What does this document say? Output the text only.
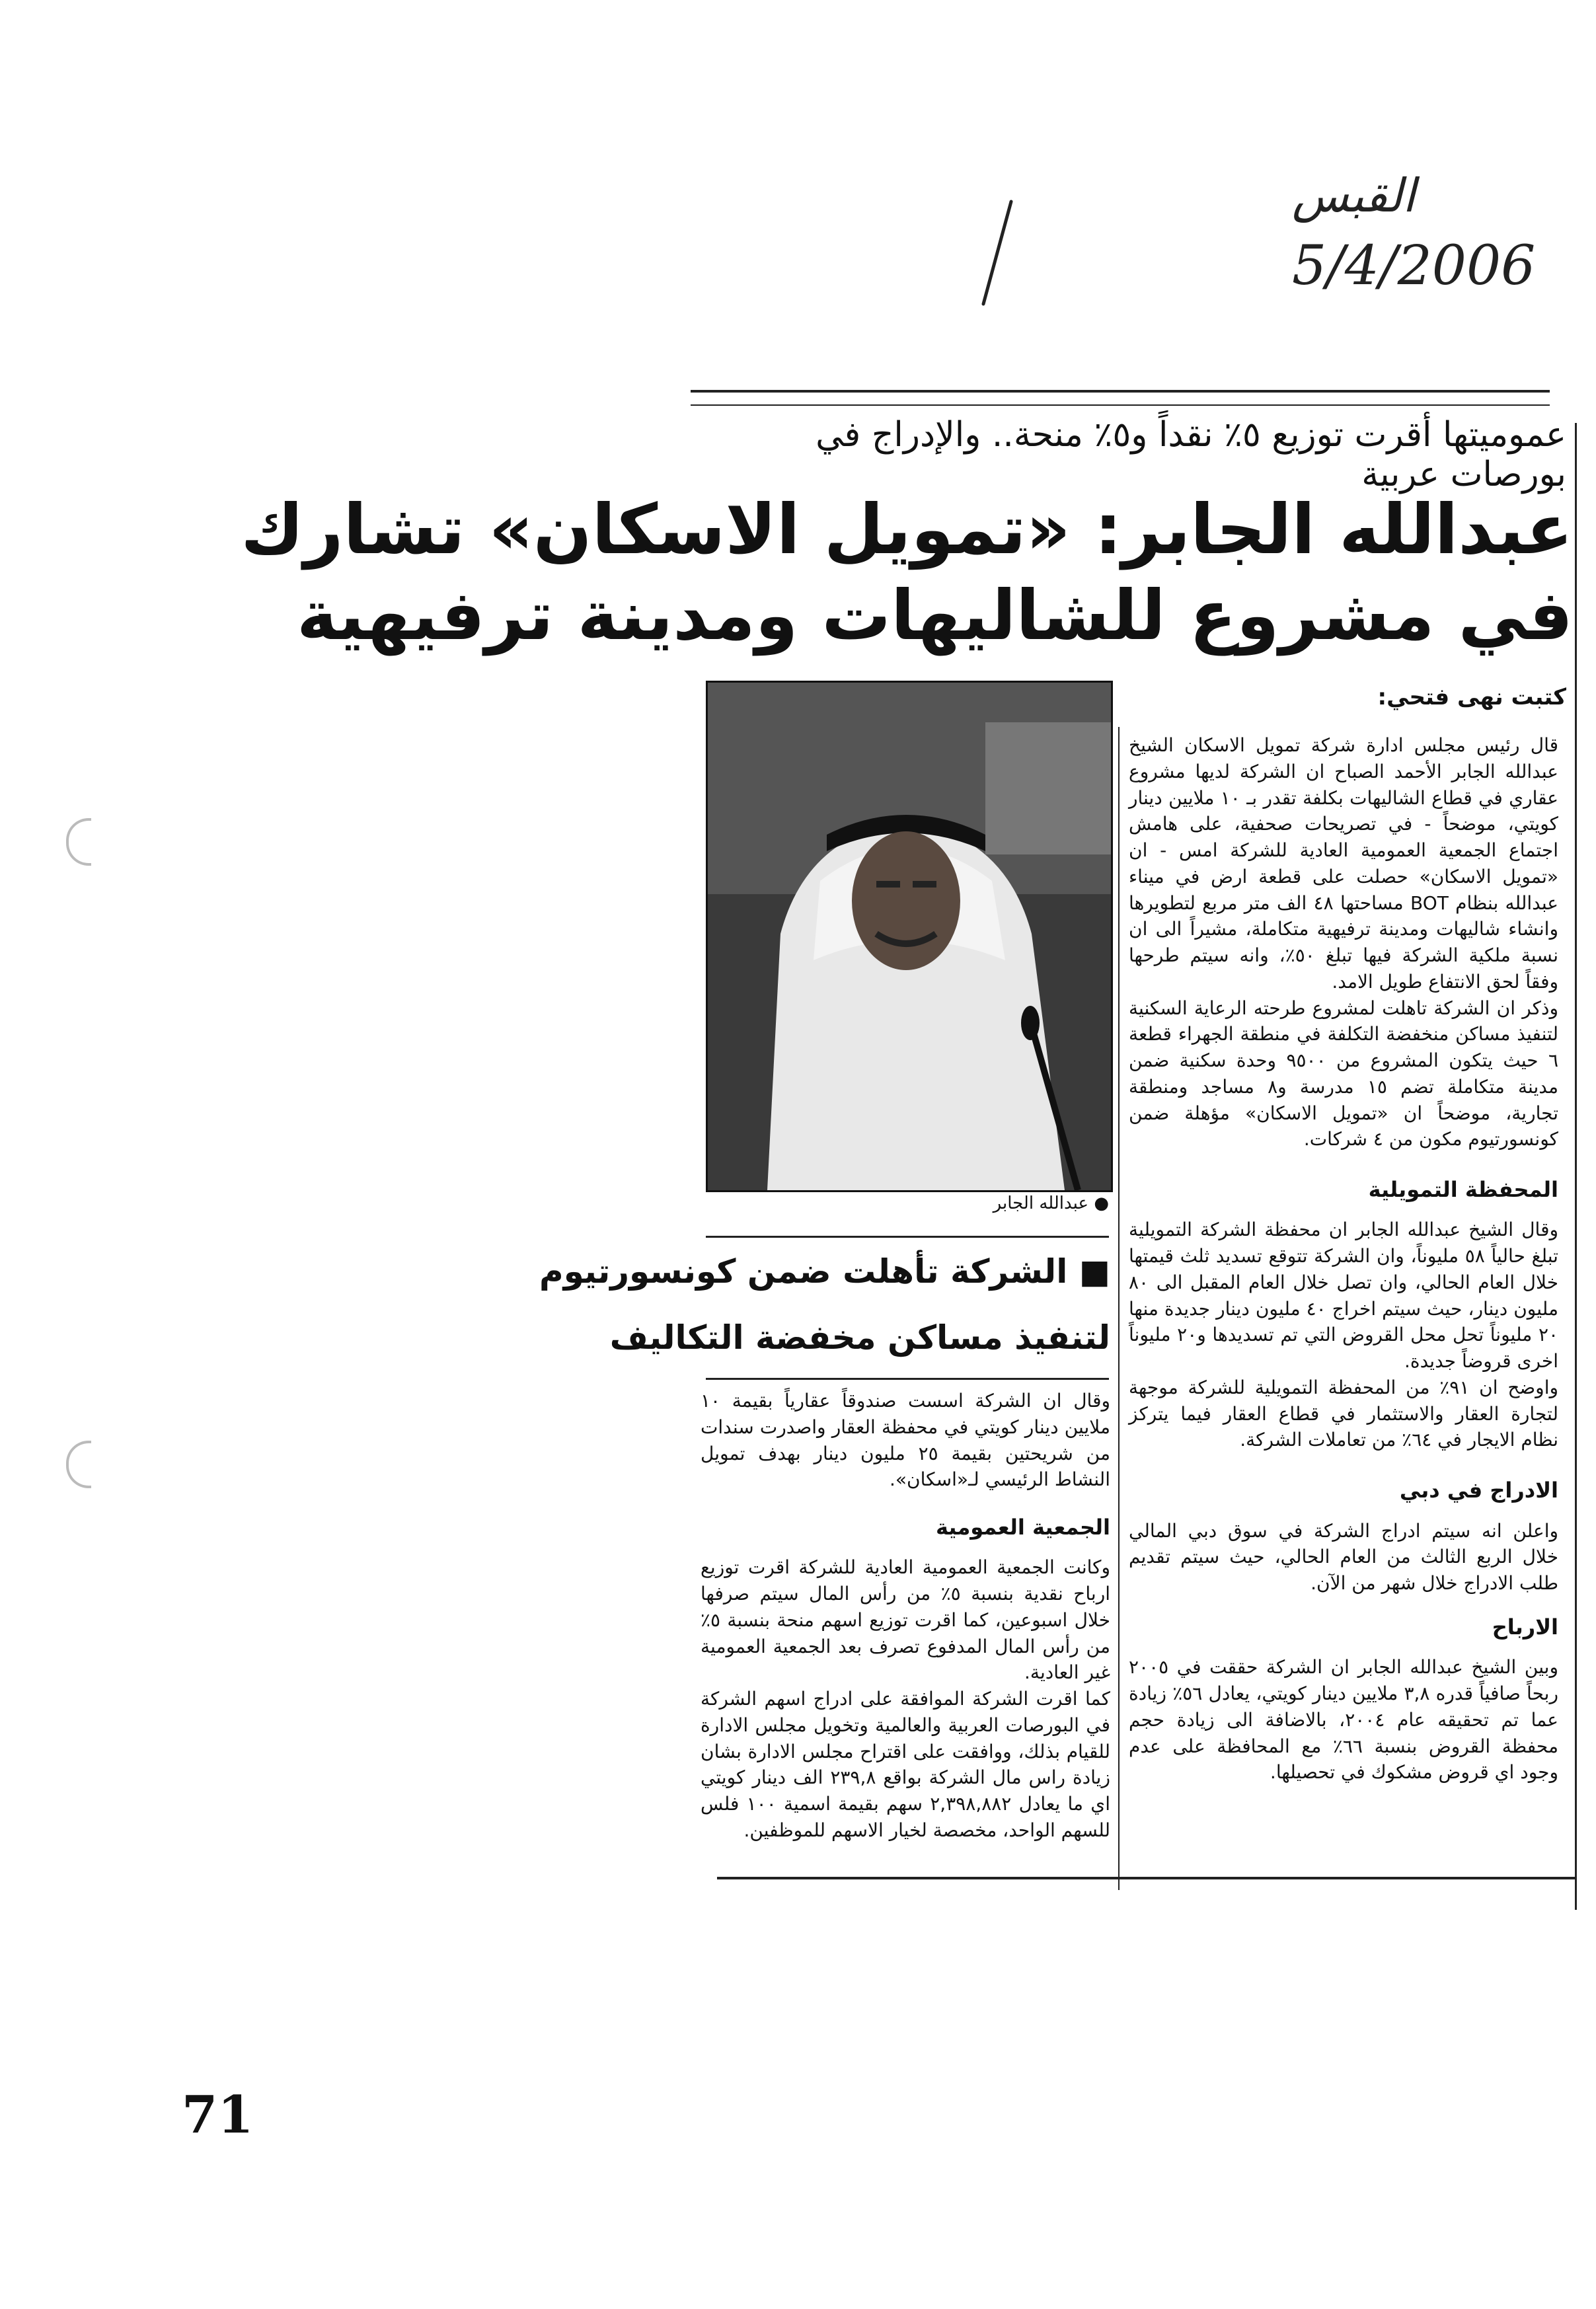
القبس
5/4/2006
عموميتها أقرت توزيع ٥٪ نقداً و٥٪ منحة.. والإدراج في بورصات عربية
عبدالله الجابر: «تمويل الاسكان» تشارك
في مشروع للشاليهات ومدينة ترفيهية
كتبت نهى فتحي:
● عبدالله الجابر
قال رئيس مجلس ادارة شركة تمويل الاسكان الشيخ عبدالله الجابر الأحمد الصباح ان الشركة لديها مشروع عقاري في قطاع الشاليهات بكلفة تقدر بـ ١٠ ملايين دينار كويتي، موضحاً - في تصريحات صحفية، على هامش اجتماع الجمعية العمومية العادية للشركة امس - ان «تمويل الاسكان» حصلت على قطعة ارض في ميناء عبدالله بنظام BOT مساحتها ٤٨ الف متر مربع لتطويرها وانشاء شاليهات ومدينة ترفيهية متكاملة، مشيراً الى ان نسبة ملكية الشركة فيها تبلغ ٥٠٪، وانه سيتم طرحها وفقاً لحق الانتفاع طويل الامد.
وذكر ان الشركة تاهلت لمشروع طرحته الرعاية السكنية لتنفيذ مساكن منخفضة التكلفة في منطقة الجهراء قطعة ٦ حيث يتكون المشروع من ٩٥٠٠ وحدة سكنية ضمن مدينة متكاملة تضم ١٥ مدرسة و٨ مساجد ومنطقة تجارية، موضحاً ان «تمويل الاسكان» مؤهلة ضمن كونسورتيوم مكون من ٤ شركات.
المحفظة التمويلية
وقال الشيخ عبدالله الجابر ان محفظة الشركة التمويلية تبلغ حالياً ٥٨ مليوناً، وان الشركة تتوقع تسديد ثلث قيمتها خلال العام الحالي، وان تصل خلال العام المقبل الى ٨٠ مليون دينار، حيث سيتم اخراج ٤٠ مليون دينار جديدة منها ٢٠ مليوناً تحل محل القروض التي تم تسديدها و٢٠ مليوناً اخرى قروضاً جديدة.
واوضح ان ٩١٪ من المحفظة التمويلية للشركة موجهة لتجارة العقار والاستثمار في قطاع العقار فيما يتركز نظام الايجار في ٦٤٪ من تعاملات الشركة.
الادراج في دبي
واعلن انه سيتم ادراج الشركة في سوق دبي المالي خلال الربع الثالث من العام الحالي، حيث سيتم تقديم طلب الادراج خلال شهر من الآن.
الارباح
وبين الشيخ عبدالله الجابر ان الشركة حققت في ٢٠٠٥ ربحاً صافياً قدره ٣,٨ ملايين دينار كويتي، يعادل ٥٦٪ زيادة عما تم تحقيقه عام ٢٠٠٤، بالاضافة الى زيادة حجم محفظة القروض بنسبة ٦٦٪ مع المحافظة على عدم وجود اي قروض مشكوك في تحصيلها.
■ الشركة تأهلت ضمن كونسورتيوم
لتنفيذ مساكن مخفضة التكاليف
وقال ان الشركة اسست صندوقاً عقارياً بقيمة ١٠ ملايين دينار كويتي في محفظة العقار واصدرت سندات من شريحتين بقيمة ٢٥ مليون دينار بهدف تمويل النشاط الرئيسي لـ«اسكان».
الجمعية العمومية
وكانت الجمعية العمومية العادية للشركة اقرت توزيع ارباح نقدية بنسبة ٥٪ من رأس المال سيتم صرفها خلال اسبوعين، كما اقرت توزيع اسهم منحة بنسبة ٥٪ من رأس المال المدفوع تصرف بعد الجمعية العمومية غير العادية.
كما اقرت الشركة الموافقة على ادراج اسهم الشركة في البورصات العربية والعالمية وتخويل مجلس الادارة للقيام بذلك، ووافقت على اقتراح مجلس الادارة بشان زيادة راس مال الشركة بواقع ٢٣٩,٨ الف دينار كويتي اي ما يعادل ٢,٣٩٨,٨٨٢ سهم بقيمة اسمية ١٠٠ فلس للسهم الواحد، مخصصة لخيار الاسهم للموظفين.
71
